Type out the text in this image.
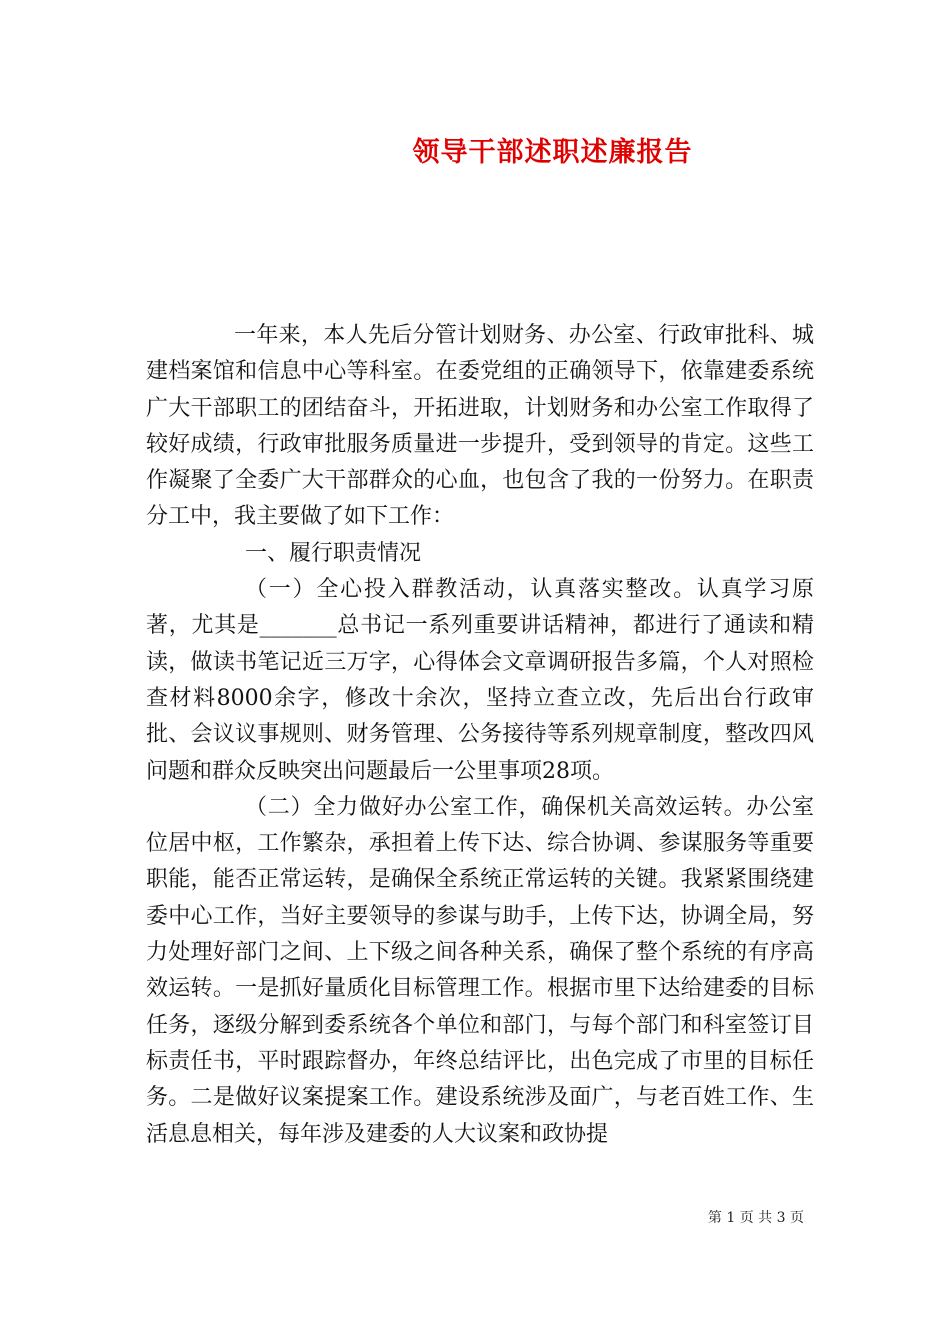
领导干部述职述廉报告

一年来，本人先后分管计划财务、办公室、行政审批科、城建档案馆和信息中心等科室。在委党组的正确领导下，依靠建委系统广大干部职工的团结奋斗，开拓进取，计划财务和办公室工作取得了较好成绩，行政审批服务质量进一步提升，受到领导的肯定。这些工作凝聚了全委广大干部群众的心血，也包含了我的一份努力。在职责分工中，我主要做了如下工作：

一、履行职责情况

（一）全心投入群教活动，认真落实整改。认真学习原著，尤其是_______总书记一系列重要讲话精神，都进行了通读和精读，做读书笔记近三万字，心得体会文章调研报告多篇，个人对照检查材料8000余字，修改十余次，坚持立查立改，先后出台行政审批、会议议事规则、财务管理、公务接待等系列规章制度，整改四风问题和群众反映突出问题最后一公里事项28项。

（二）全力做好办公室工作，确保机关高效运转。办公室位居中枢，工作繁杂，承担着上传下达、综合协调、参谋服务等重要职能，能否正常运转，是确保全系统正常运转的关键。我紧紧围绕建委中心工作，当好主要领导的参谋与助手，上传下达，协调全局，努力处理好部门之间、上下级之间各种关系，确保了整个系统的有序高效运转。一是抓好量质化目标管理工作。根据市里下达给建委的目标任务，逐级分解到委系统各个单位和部门，与每个部门和科室签订目标责任书，平时跟踪督办，年终总结评比，出色完成了市里的目标任务。二是做好议案提案工作。建设系统涉及面广，与老百姓工作、生活息息相关，每年涉及建委的人大议案和政协提

第 1 页 共 3 页
